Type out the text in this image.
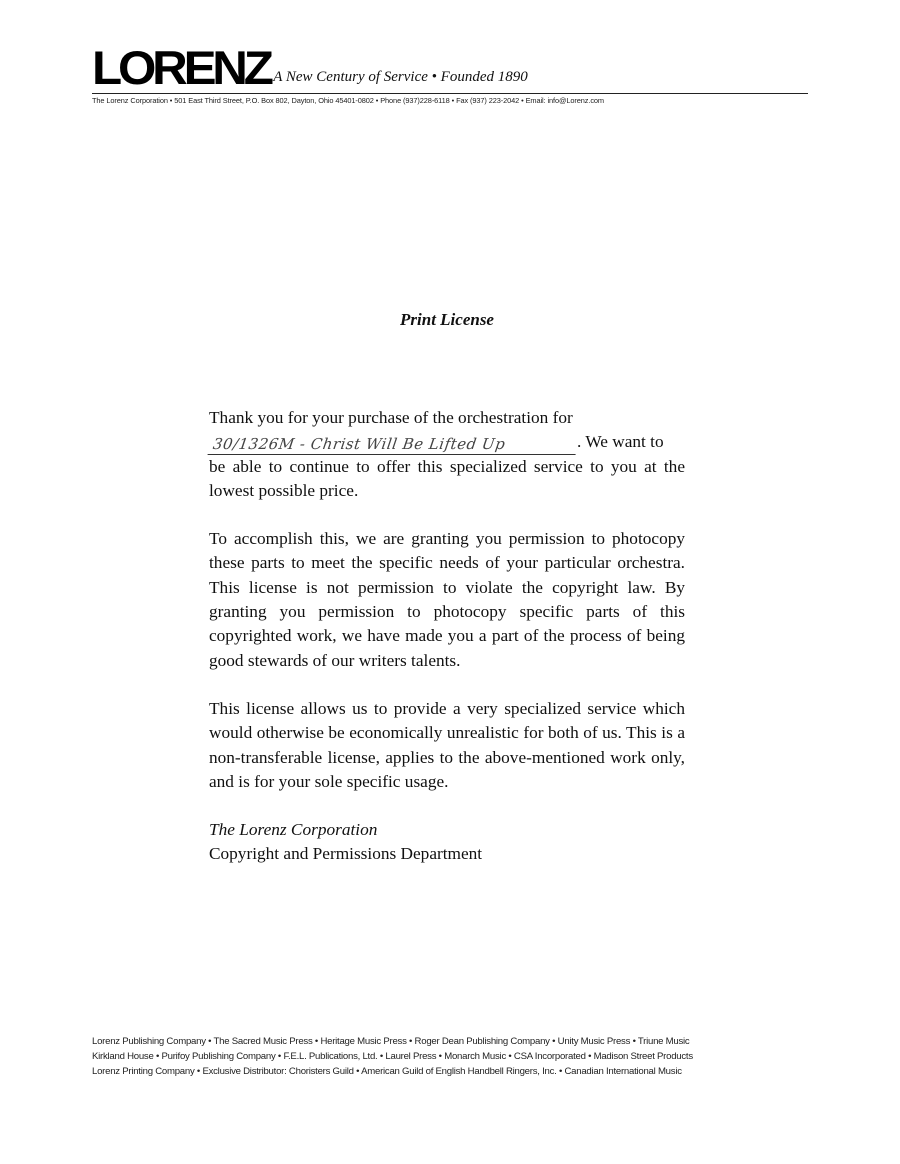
LORENZ A New Century of Service • Founded 1890
The Lorenz Corporation • 501 East Third Street, P.O. Box 802, Dayton, Ohio 45401-0802 • Phone (937)228-6118 • Fax (937) 223-2042 • Email: info@Lorenz.com
Print License
Thank you for your purchase of the orchestration for
30/1326M - Christ Will Be Lifted Up	. We want to
be able to continue to offer this specialized service to you at the lowest possible price.
To accomplish this, we are granting you permission to photocopy these parts to meet the specific needs of your particular orchestra. This license is not permission to violate the copyright law. By granting you permission to photocopy specific parts of this copyrighted work, we have made you a part of the process of being good stewards of our writers talents.
This license allows us to provide a very specialized service which would otherwise be economically unrealistic for both of us. This is a non-transferable license, applies to the above-mentioned work only, and is for your sole specific usage.
The Lorenz Corporation
Copyright and Permissions Department
Lorenz Publishing Company • The Sacred Music Press • Heritage Music Press • Roger Dean Publishing Company • Unity Music Press • Triune Music
Kirkland House • Purifoy Publishing Company • F.E.L. Publications, Ltd. • Laurel Press • Monarch Music • CSA Incorporated • Madison Street Products
Lorenz Printing Company • Exclusive Distributor: Choristers Guild • American Guild of English Handbell Ringers, Inc. • Canadian International Music
